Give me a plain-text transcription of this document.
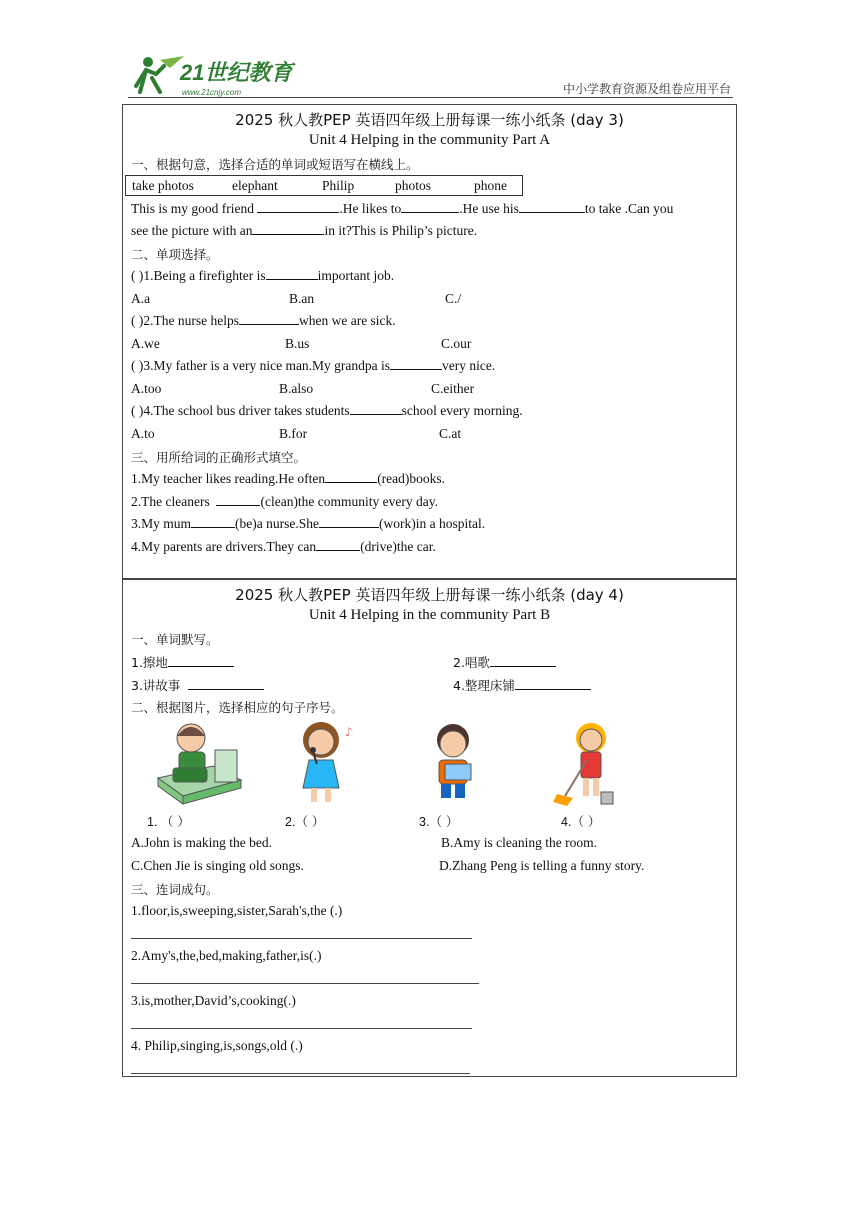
21世纪教育
www.21cnjy.com	中小学教育资源及组卷应用平台
2025 秋人教PEP 英语四年级上册每课一练小纸条 (day 3)
Unit 4 Helping in the community Part A
一、根据句意，选择合适的单词或短语写在横线上。
take photos	elephant	Philip	photos	phone
This is my good friend	.He likes to	.He use his	to take .Can you
see the picture with an	in it?This is Philip’s picture.
二、单项选择。
( )1.Being a firefighter is	important job.
A.a	B.an	C./
( )2.The nurse helps	when we are sick.
A.we	B.us	C.our
( )3.My father is a very nice man.My grandpa is	very nice.
A.too	B.also	C.either
( )4.The school bus driver takes students	school every morning.
A.to	B.for	C.at
三、用所给词的正确形式填空。
1.My teacher likes reading.He often	(read)books.
2.The cleaners	(clean)the community every day.
3.My mum	(be)a nurse.She	(work)in a hospital.
4.My parents are drivers.They can	(drive)the car.
2025 秋人教PEP 英语四年级上册每课一练小纸条 (day 4)
Unit 4 Helping in the community Part B
一、单词默写。
1.擦地	2.唱歌
3.讲故事	4.整理床铺
二、根据图片，选择相应的句子序号。
♪
1. （ ）	2.（ ）	3.（ ）	4.（ ）
A.John is making the bed.	B.Amy is cleaning the room.
C.Chen Jie is singing old songs.	D.Zhang Peng is telling a funny story.
三、连词成句。
1.floor,is,sweeping,sister,Sarah's,the (.)
2.Amy's,the,bed,making,father,is(.)
3.is,mother,David’s,cooking(.)
4. Philip,singing,is,songs,old (.)
